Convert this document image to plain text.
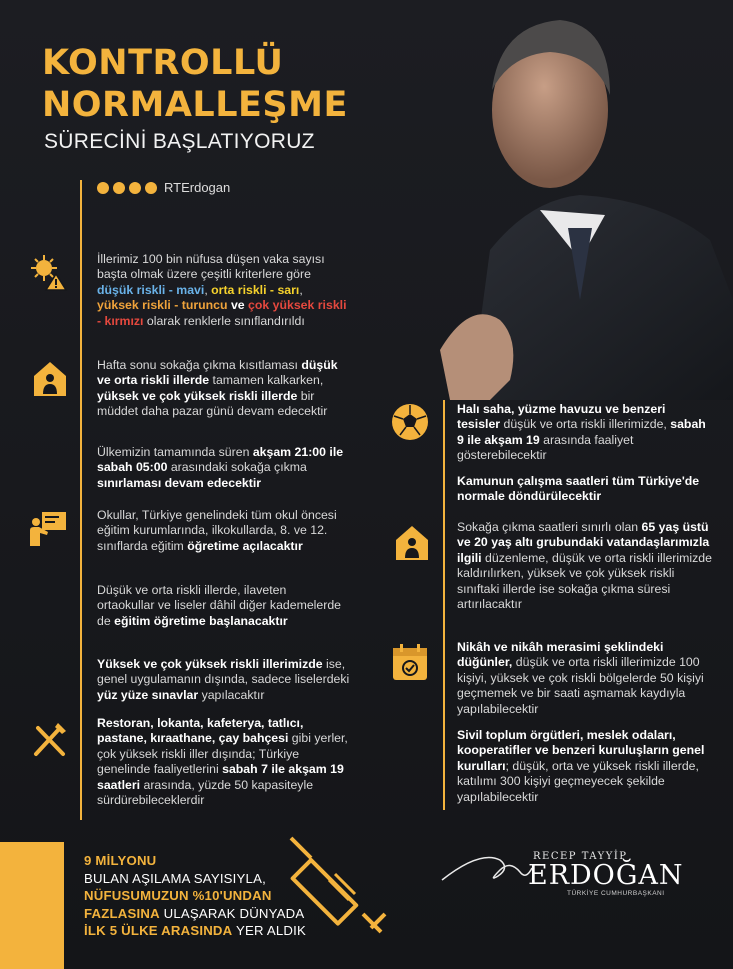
KONTROLLÜ
NORMALLEŞME
SÜRECİNİ BAŞLATIYORUZ
RTErdogan
İllerimiz 100 bin nüfusa düşen vaka sayısı başta olmak üzere çeşitli kriterlere göre düşük riskli - mavi, orta riskli - sarı, yüksek riskli - turuncu ve çok yüksek riskli - kırmızı olarak renklerle sınıflandırıldı
Hafta sonu sokağa çıkma kısıtlaması düşük ve orta riskli illerde tamamen kalkarken, yüksek ve çok yüksek riskli illerde bir müddet daha pazar günü devam edecektir
Ülkemizin tamamında süren akşam 21:00 ile sabah 05:00 arasındaki sokağa çıkma sınırlaması devam edecektir
Okullar, Türkiye genelindeki tüm okul öncesi eğitim kurumlarında, ilkokullarda, 8. ve 12. sınıflarda eğitim öğretime açılacaktır
Düşük ve orta riskli illerde, ilaveten ortaokullar ve liseler dâhil diğer kademelerde de eğitim öğretime başlanacaktır
Yüksek ve çok yüksek riskli illerimizde ise, genel uygulamanın dışında, sadece liselerdeki yüz yüze sınavlar yapılacaktır
Restoran, lokanta, kafeterya, tatlıcı, pastane, kıraathane, çay bahçesi gibi yerler, çok yüksek riskli iller dışında; Türkiye genelinde faaliyetlerini sabah 7 ile akşam 19 saatleri arasında, yüzde 50 kapasiteyle sürdürebileceklerdir
Halı saha, yüzme havuzu ve benzeri tesisler düşük ve orta riskli illerimizde, sabah 9 ile akşam 19 arasında faaliyet gösterebilecektir
Kamunun çalışma saatleri tüm Türkiye'de normale döndürülecektir
Sokağa çıkma saatleri sınırlı olan 65 yaş üstü ve 20 yaş altı grubundaki vatandaşlarımızla ilgili düzenleme, düşük ve orta riskli illerimizde kaldırılırken, yüksek ve çok yüksek riskli sınıftaki illerde ise sokağa çıkma süresi artırılacaktır
Nikâh ve nikâh merasimi şeklindeki düğünler, düşük ve orta riskli illerimizde 100 kişiyi, yüksek ve çok riskli bölgelerde 50 kişiyi geçmemek ve bir saati aşmamak kaydıyla yapılabilecektir
Sivil toplum örgütleri, meslek odaları, kooperatifler ve benzeri kuruluşların genel kurulları; düşük, orta ve yüksek riskli illerde, katılımı 300 kişiyi geçmeyecek şekilde yapılabilecektir
9 MİLYONU
BULAN AŞILAMA SAYISIYLA,
NÜFUSUMUZUN %10'UNDAN
FAZLASINA ULAŞARAK DÜNYADA
İLK 5 ÜLKE ARASINDA YER ALDIK
RECEP TAYYİP
ERDOĞAN
TÜRKİYE CUMHURBAŞKANI
